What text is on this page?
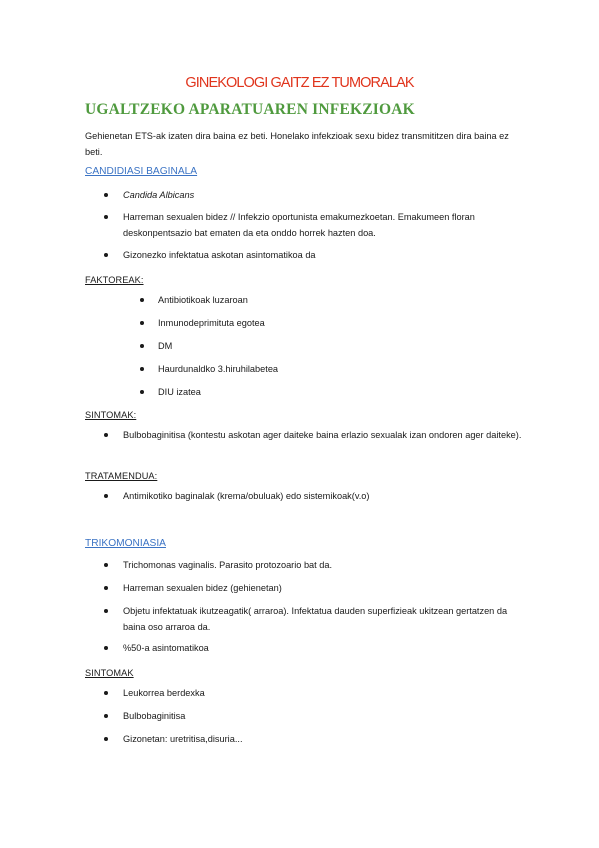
GINEKOLOGI GAITZ EZ TUMORALAK
UGALTZEKO APARATUAREN INFEKZIOAK
Gehienetan ETS-ak izaten dira baina ez beti. Honelako infekzioak sexu bidez transmititzen dira baina ez beti.
CANDIDIASI BAGINALA
Candida Albicans
Harreman sexualen bidez // Infekzio oportunista emakumezkoetan. Emakumeen floran deskonpentsazio bat ematen da eta onddo horrek hazten doa.
Gizonezko infektatua askotan asintomatikoa da
FAKTOREAK:
Antibiotikoak luzaroan
Inmunodeprimituta egotea
DM
Haurdunaldko 3.hiruhilabetea
DIU izatea
SINTOMAK:
Bulbobaginitisa (kontestu askotan ager daiteke baina erlazio sexualak izan ondoren ager daiteke).
TRATAMENDUA:
Antimikotiko baginalak (krema/obuluak) edo sistemikoak(v.o)
TRIKOMONIASIA
Trichomonas vaginalis. Parasito protozoario bat da.
Harreman sexualen bidez (gehienetan)
Objetu infektatuak ikutzeagatik( arraroa). Infektatua dauden superfizieak ukitzean gertatzen da baina oso arraroa da.
%50-a asintomatikoa
SINTOMAK
Leukorrea berdexka
Bulbobaginitisa
Gizonetan: uretritisa,disuria...
